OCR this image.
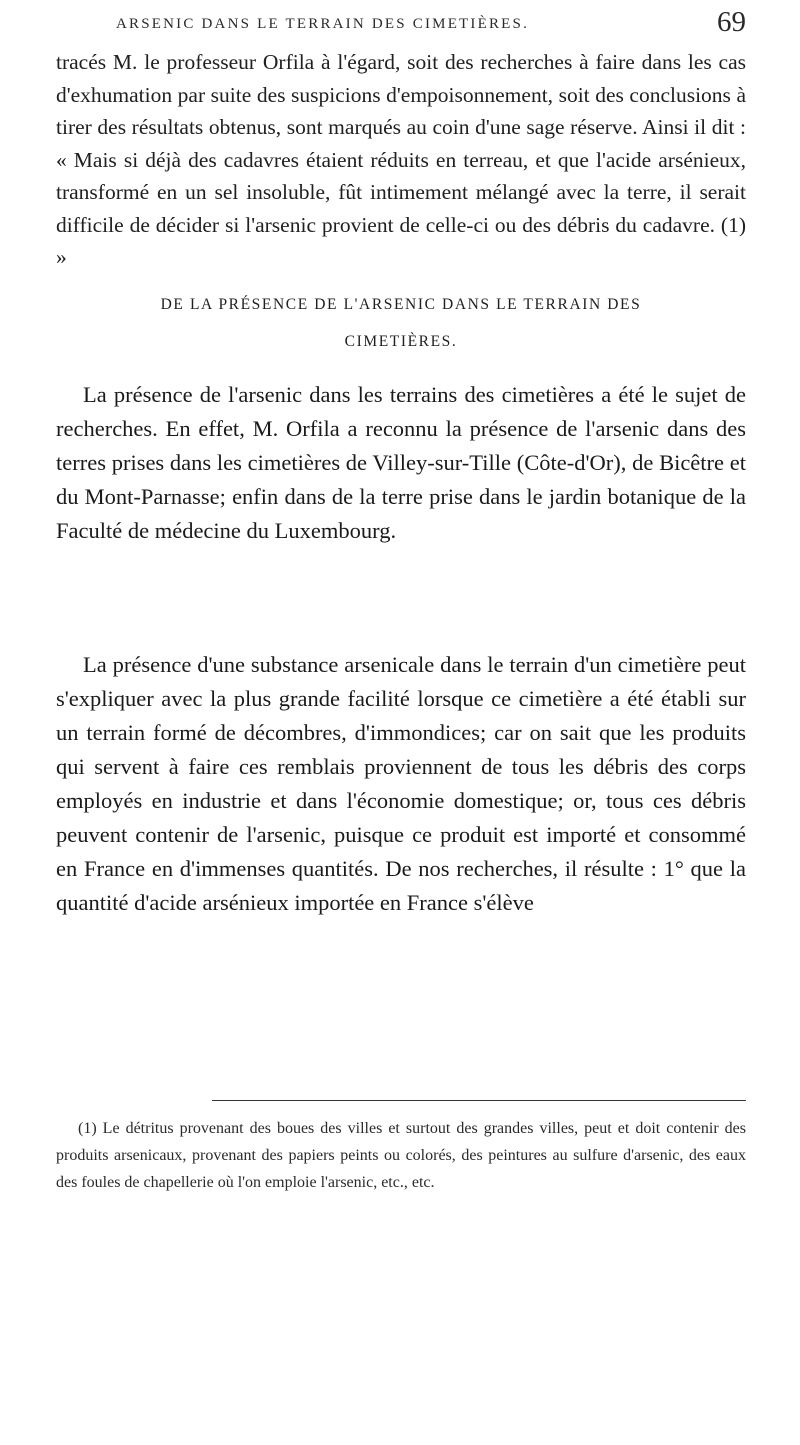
ARSENIC DANS LE TERRAIN DES CIMETIÈRES.	69

tracés M. le professeur Orfila à l'égard, soit des recherches à faire dans les cas d'exhumation par suite des suspicions d'empoisonnement, soit des conclusions à tirer des résultats obtenus, sont marqués au coin d'une sage réserve. Ainsi il dit : « Mais si déjà des cadavres étaient réduits en terreau, et que l'acide arsénieux, transformé en un sel insoluble, fût intimement mélangé avec la terre, il serait difficile de décider si l'arsenic provient de celle-ci ou des débris du cadavre. (1) »

DE LA PRÉSENCE DE L'ARSENIC DANS LE TERRAIN DES
CIMETIÈRES.

La présence de l'arsenic dans les terrains des cimetières a été le sujet de recherches. En effet, M. Orfila a reconnu la présence de l'arsenic dans des terres prises dans les cimetières de Villey-sur-Tille (Côte-d'Or), de Bicêtre et du Mont-Parnasse; enfin dans de la terre prise dans le jardin botanique de la Faculté de médecine du Luxembourg.

La présence d'une substance arsenicale dans le terrain d'un cimetière peut s'expliquer avec la plus grande facilité lorsque ce cimetière a été établi sur un terrain formé de décombres, d'immondices; car on sait que les produits qui servent à faire ces remblais proviennent de tous les débris des corps employés en industrie et dans l'économie domestique; or, tous ces débris peuvent contenir de l'arsenic, puisque ce produit est importé et consommé en France en d'immenses quantités. De nos recherches, il résulte : 1° que la quantité d'acide arsénieux importée en France s'élève

(1) Le détritus provenant des boues des villes et surtout des grandes villes, peut et doit contenir des produits arsenicaux, provenant des papiers peints ou colorés, des peintures au sulfure d'arsenic, des eaux des foules de chapellerie où l'on emploie l'arsenic, etc., etc.
